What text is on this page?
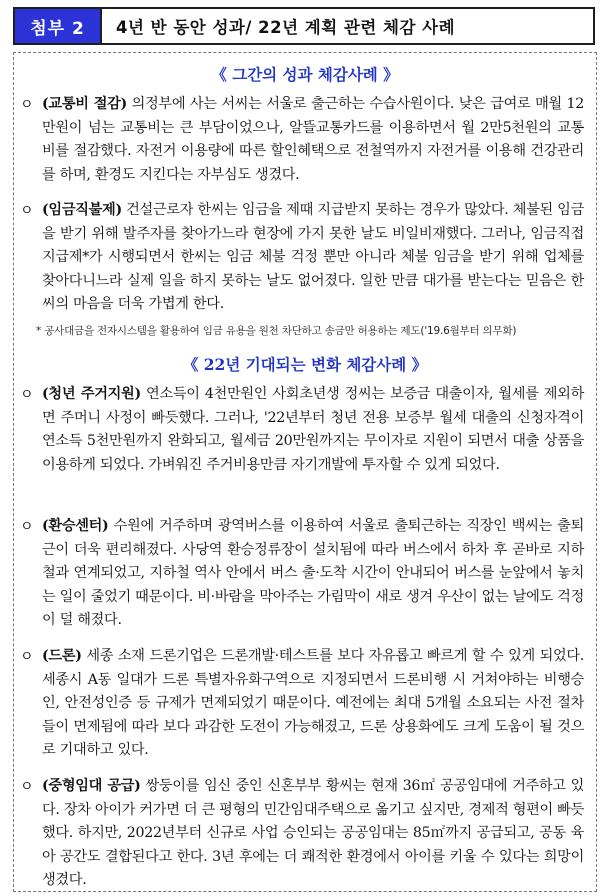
첨부 2	4년 반 동안 성과/ 22년 계획 관련 체감 사례
《 그간의 성과 체감사례 》
ㅇ (교통비 절감) 의정부에 사는 서씨는 서울로 출근하는 수습사원이다. 낮은 급여로 매월 12만원이 넘는 교통비는 큰 부담이었으나, 알뜰교통카드를 이용하면서 월 2만5천원의 교통비를 절감했다. 자전거 이용량에 따른 할인혜택으로 전철역까지 자전거를 이용해 건강관리를 하며, 환경도 지킨다는 자부심도 생겼다.
ㅇ (임금직불제) 건설근로자 한씨는 임금을 제때 지급받지 못하는 경우가 많았다. 체불된 임금을 받기 위해 발주자를 찾아가느라 현장에 가지 못한 날도 비일비재했다. 그러나, 임금직접지급제*가 시행되면서 한씨는 임금 체불 걱정 뿐만 아니라 체불 임금을 받기 위해 업체를 찾아다니느라 실제 일을 하지 못하는 날도 없어졌다. 일한 만큼 대가를 받는다는 믿음은 한씨의 마음을 더욱 가볍게 한다.
* 공사대금을 전자시스템을 활용하여 임금 유용을 원천 차단하고 송금만 허용하는 제도('19.6월부터 의무화)
《 22년 기대되는 변화 체감사례 》
ㅇ (청년 주거지원) 연소득이 4천만원인 사회초년생 정씨는 보증금 대출이자, 월세를 제외하면 주머니 사정이 빠듯했다. 그러나, '22년부터 청년 전용 보증부 월세 대출의 신청자격이 연소득 5천만원까지 완화되고, 월세금 20만원까지는 무이자로 지원이 되면서 대출 상품을 이용하게 되었다. 가벼워진 주거비용만큼 자기개발에 투자할 수 있게 되었다.
ㅇ (환승센터) 수원에 거주하며 광역버스를 이용하여 서울로 출퇴근하는 직장인 백씨는 출퇴근이 더욱 편리해졌다. 사당역 환승정류장이 설치됨에 따라 버스에서 하차 후 곧바로 지하철과 연계되었고, 지하철 역사 안에서 버스 출·도착 시간이 안내되어 버스를 눈앞에서 놓치는 일이 줄었기 때문이다. 비·바람을 막아주는 가림막이 새로 생겨 우산이 없는 날에도 걱정이 덜 해졌다.
ㅇ (드론) 세종 소재 드론기업은 드론개발·테스트를 보다 자유롭고 빠르게 할 수 있게 되었다. 세종시 A동 일대가 드론 특별자유화구역으로 지정되면서 드론비행 시 거쳐야하는 비행승인, 안전성인증 등 규제가 면제되었기 때문이다. 예전에는 최대 5개월 소요되는 사전 절차들이 면제됨에 따라 보다 과감한 도전이 가능해졌고, 드론 상용화에도 크게 도움이 될 것으로 기대하고 있다.
ㅇ (중형임대 공급) 쌍둥이를 임신 중인 신혼부부 황씨는 현재 36㎡ 공공임대에 거주하고 있다. 장차 아이가 커가면 더 큰 평형의 민간임대주택으로 옮기고 싶지만, 경제적 형편이 빠듯했다. 하지만, 2022년부터 신규로 사업 승인되는 공공임대는 85㎡까지 공급되고, 공동 육아 공간도 결합된다고 한다. 3년 후에는 더 쾌적한 환경에서 아이를 키울 수 있다는 희망이 생겼다.
